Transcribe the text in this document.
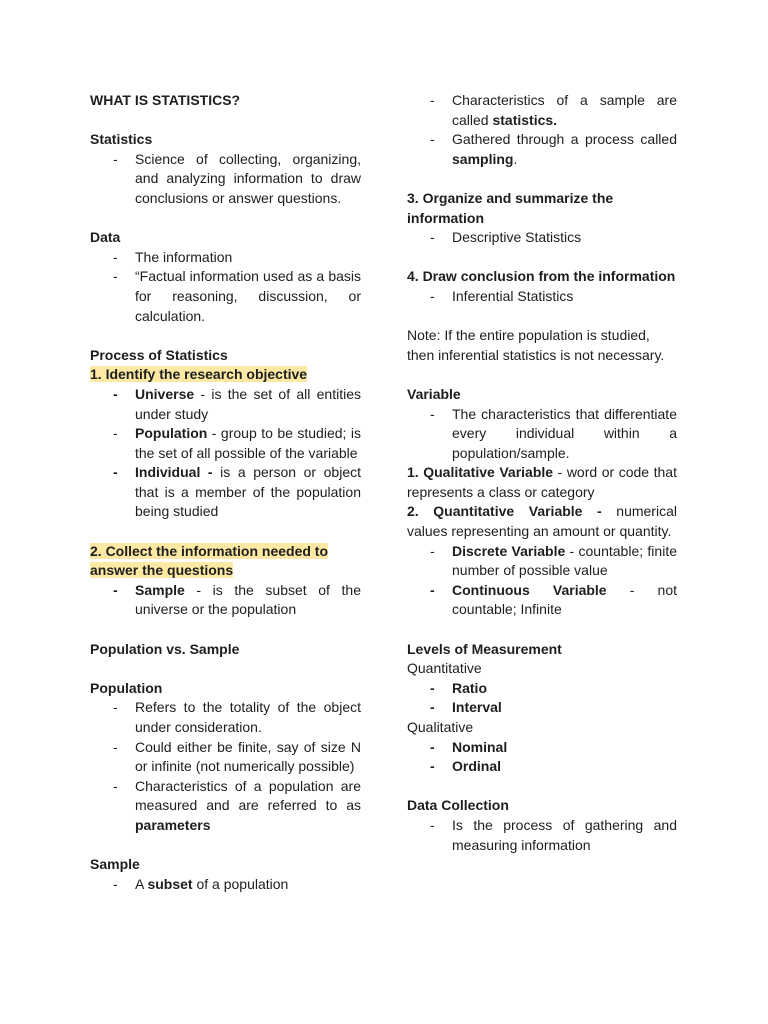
WHAT IS STATISTICS?
Statistics
- Science of collecting, organizing, and analyzing information to draw conclusions or answer questions.
Data
- The information
- “Factual information used as a basis for reasoning, discussion, or calculation.
Process of Statistics
1. Identify the research objective
- Universe - is the set of all entities under study
- Population - group to be studied; is the set of all possible of the variable
- Individual - is a person or object that is a member of the population being studied
2. Collect the information needed to answer the questions
- Sample - is the subset of the universe or the population
Population vs. Sample
Population
- Refers to the totality of the object under consideration.
- Could either be finite, say of size N or infinite (not numerically possible)
- Characteristics of a population are measured and are referred to as parameters
Sample
- A subset of a population
- Characteristics of a sample are called statistics.
- Gathered through a process called sampling.
3. Organize and summarize the information
- Descriptive Statistics
4. Draw conclusion from the information
- Inferential Statistics
Note: If the entire population is studied, then inferential statistics is not necessary.
Variable
- The characteristics that differentiate every individual within a population/sample.
1. Qualitative Variable - word or code that represents a class or category
2. Quantitative Variable - numerical values representing an amount or quantity.
- Discrete Variable - countable; finite number of possible value
- Continuous Variable - not countable; Infinite
Levels of Measurement
Quantitative
- Ratio
- Interval
Qualitative
- Nominal
- Ordinal
Data Collection
- Is the process of gathering and measuring information
